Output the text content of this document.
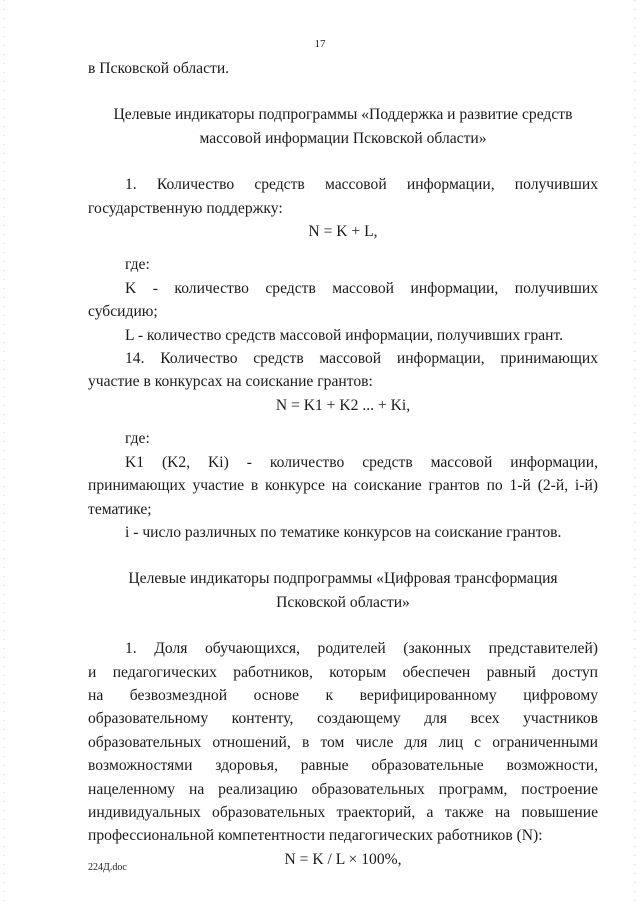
17
в Псковской области.
Целевые индикаторы подпрограммы «Поддержка и развитие средств
массовой информации Псковской области»
1. Количество средств массовой информации, получивших
государственную поддержку:
N = K + L,
где:
K - количество средств массовой информации, получивших
субсидию;
L - количество средств массовой информации, получивших грант.
14. Количество средств массовой информации, принимающих
участие в конкурсах на соискание грантов:
N = K1 + K2 ... + Ki,
где:
K1 (K2, Ki) - количество средств массовой информации,
принимающих участие в конкурсе на соискание грантов по 1-й (2-й, i-й)
тематике;
i - число различных по тематике конкурсов на соискание грантов.
Целевые индикаторы подпрограммы «Цифровая трансформация
Псковской области»
1. Доля обучающихся, родителей (законных представителей)
и педагогических работников, которым обеспечен равный доступ
на безвозмездной основе к верифицированному цифровому
образовательному контенту, создающему для всех участников
образовательных отношений, в том числе для лиц с ограниченными
возможностями здоровья, равные образовательные возможности,
нацеленному на реализацию образовательных программ, построение
индивидуальных образовательных траекторий, а также на повышение
профессиональной компетентности педагогических работников (N):
N = K / L × 100%,
224Д.doc
